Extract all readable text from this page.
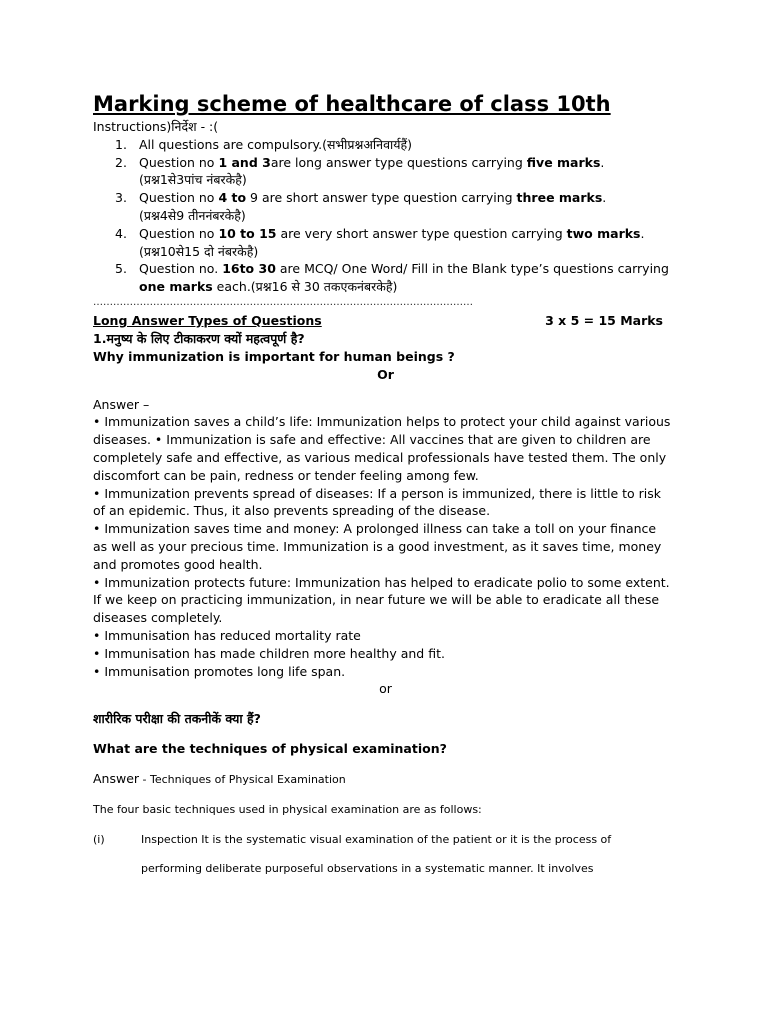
Marking scheme of healthcare of class 10th

Instructions)निर्देश - :(

1. All questions are compulsory.(सभीप्रश्नअनिवार्यहैं)
2. Question no 1 and 3are long answer type questions carrying five marks.
(प्रश्न1से3पांच नंबरकेहै)
3. Question no 4 to 9 are short answer type question carrying three marks.
(प्रश्न4से9 तीननंबरकेहै)
4. Question no 10 to 15 are very short answer type question carrying two marks.
(प्रश्न10से15 दो नंबरकेहै)
5. Question no. 16to 30 are MCQ/ One Word/ Fill in the Blank type’s questions carrying
one marks each.(प्रश्न16 से 30 तकएकनंबरकेहै)
……………………………………………………………………………………………………
Long Answer Types of Questions	3 x 5 = 15 Marks

1.मनुष्य के लिए टीकाकरण क्यों महत्वपूर्ण है?

Why immunization is important for human beings ?

Or

Answer –

• Immunization saves a child’s life: Immunization helps to protect your child against various

diseases. • Immunization is safe and effective: All vaccines that are given to children are

completely safe and effective, as various medical professionals have tested them. The only

discomfort can be pain, redness or tender feeling among few.

• Immunization prevents spread of diseases: If a person is immunized, there is little to risk

of an epidemic. Thus, it also prevents spreading of the disease.

• Immunization saves time and money: A prolonged illness can take a toll on your finance

as well as your precious time. Immunization is a good investment, as it saves time, money

and promotes good health.

• Immunization protects future: Immunization has helped to eradicate polio to some extent.

If we keep on practicing immunization, in near future we will be able to eradicate all these

diseases completely.

• Immunisation has reduced mortality rate

• Immunisation has made children more healthy and fit.

• Immunisation promotes long life span.

or

शारीरिक परीक्षा की तकनीकें क्या हैं?

What are the techniques of physical examination?

Answer - Techniques of Physical Examination

The four basic techniques used in physical examination are as follows:

(i)	Inspection It is the systematic visual examination of the patient or it is the process of
performing deliberate purposeful observations in a systematic manner. It involves
